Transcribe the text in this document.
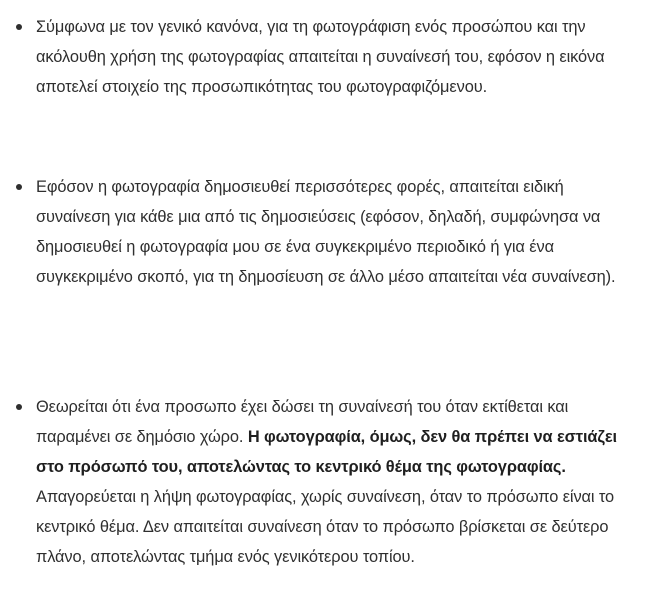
Σύμφωνα με τον γενικό κανόνα, για τη φωτογράφιση ενός προσώπου και την ακόλουθη χρήση της φωτογραφίας απαιτείται η συναίνεσή του, εφόσον η εικόνα αποτελεί στοιχείο της προσωπικότητας του φωτογραφιζόμενου.

Εφόσον η φωτογραφία δημοσιευθεί περισσότερες φορές, απαιτείται ειδική συναίνεση για κάθε μια από τις δημοσιεύσεις (εφόσον, δηλαδή, συμφώνησα να δημοσιευθεί η φωτογραφία μου σε ένα συγκεκριμένο περιοδικό ή για ένα συγκεκριμένο σκοπό, για τη δημοσίευση σε άλλο μέσο απαιτείται νέα συναίνεση).

Θεωρείται ότι ένα προσωπο έχει δώσει τη συναίνεσή του όταν εκτίθεται και παραμένει σε δημόσιο χώρο. Η φωτογραφία, όμως, δεν θα πρέπει να εστιάζει στο πρόσωπό του, αποτελώντας το κεντρικό θέμα της φωτογραφίας. Απαγορεύεται η λήψη φωτογραφίας, χωρίς συναίνεση, όταν το πρόσωπο είναι το κεντρικό θέμα. Δεν απαιτείται συναίνεση όταν το πρόσωπο βρίσκεται σε δεύτερο πλάνο, αποτελώντας τμήμα ενός γενικότερου τοπίου.
